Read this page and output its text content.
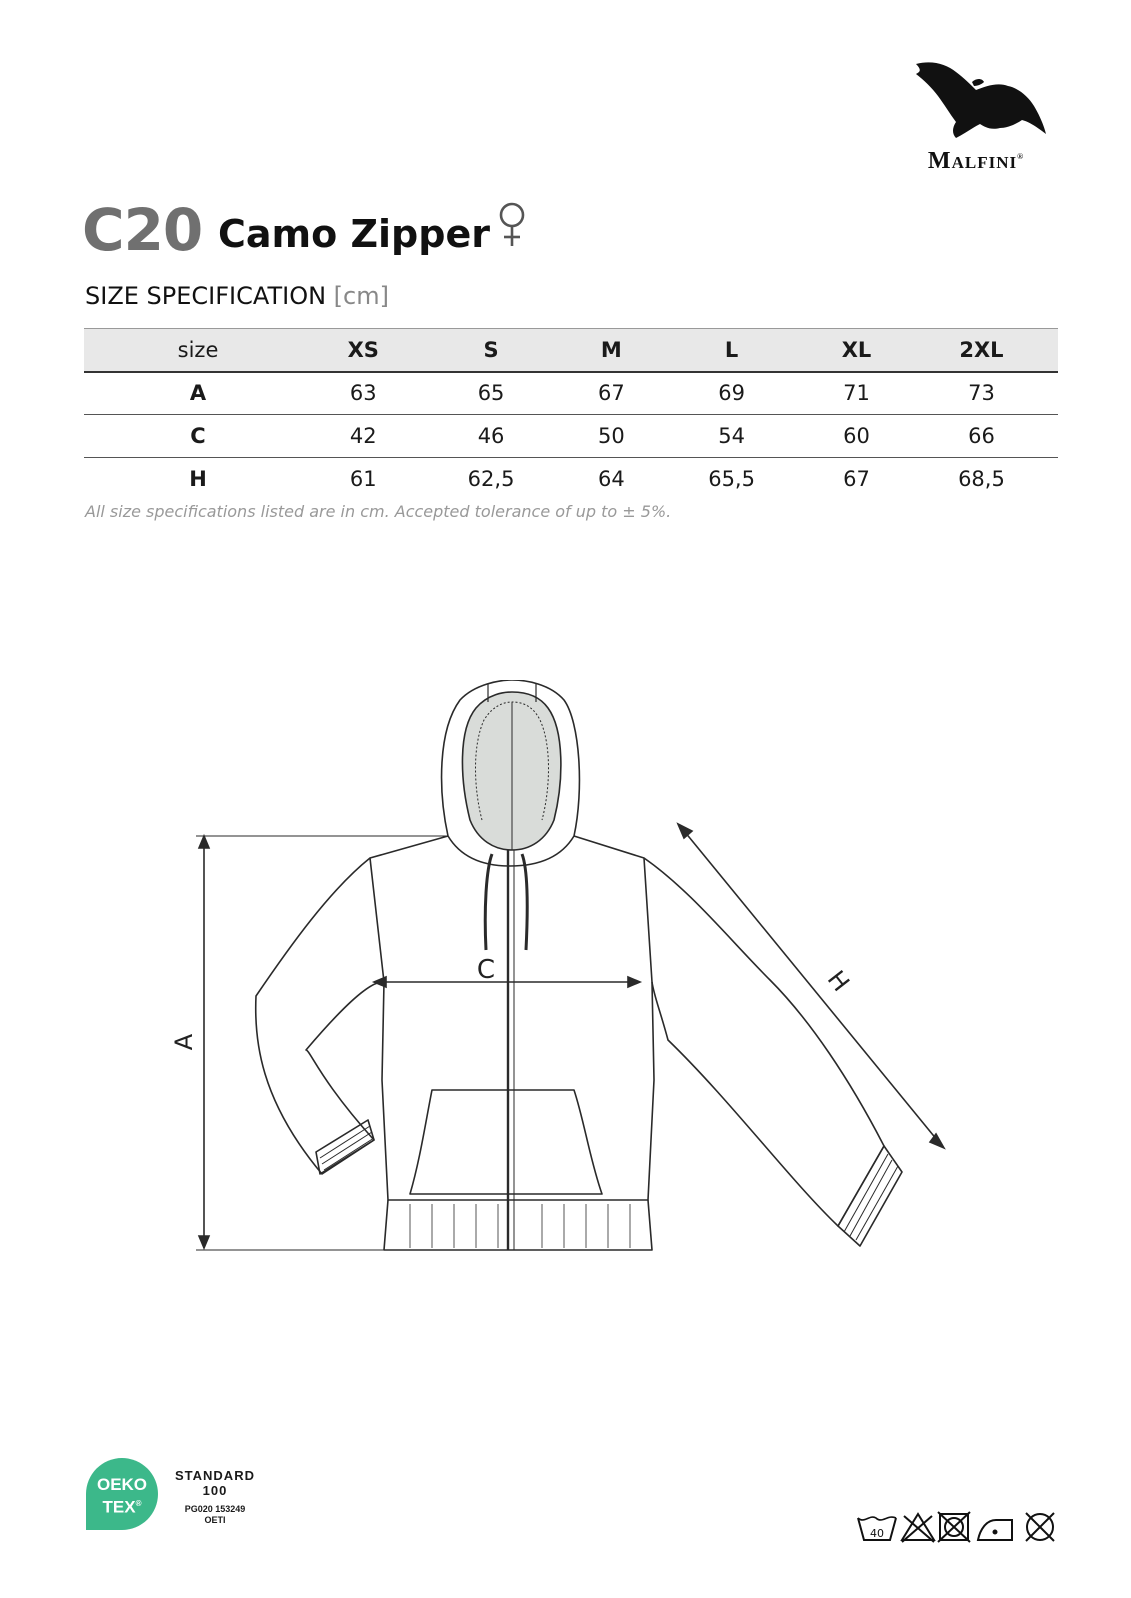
Malfini®
C20 Camo Zipper
SIZE SPECIFICATION [cm]
size	XS	S	M	L	XL	2XL
A	63	65	67	69	71	73
C	42	46	50	54	60	66
H	61	62,5	64	65,5	67	68,5
All size specifications listed are in cm. Accepted tolerance of up to ± 5%.
A
C	H
OEKO
TEX®
STANDARD
100
PG020 153249
OETI
40
